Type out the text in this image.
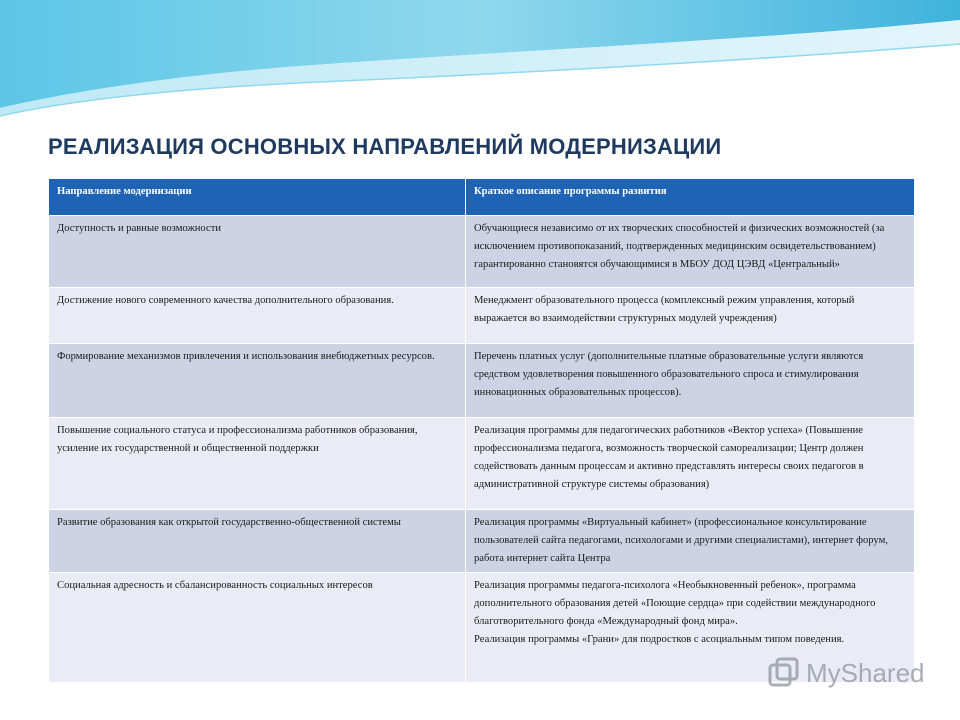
РЕАЛИЗАЦИЯ ОСНОВНЫХ НАПРАВЛЕНИЙ МОДЕРНИЗАЦИИ
Направление модернизации	Краткое описание программы развития
Доступность и равные возможности	Обучающиеся независимо от их творческих способностей и физических возможностей (за исключением противопоказаний, подтвержденных медицинским освидетельствованием) гарантированно становятся обучающимися в МБОУ ДОД ЦЭВД «Центральный»

Достижение нового современного качества дополнительного образования.	Менеджмент образовательного процесса (комплексный режим управления, который выражается во взаимодействии структурных модулей учреждения)

Формирование механизмов привлечения и использования внебюджетных ресурсов.	Перечень платных услуг (дополнительные платные образовательные услуги являются средством удовлетворения повышенного образовательного спроса и стимулирования инновационных образовательных процессов).

Повышение социального статуса и профессионализма работников образования, усиление их государственной и общественной поддержки	Реализация программы для педагогических работников «Вектор успеха» (Повышение профессионализма педагога, возможность творческой самореализации; Центр должен содействовать данным процессам и активно представлять интересы своих педагогов в административной структуре системы образования)

Развитие образования как открытой государственно-общественной системы	Реализация программы «Виртуальный кабинет» (профессиональное консультирование пользователей сайта педагогами, психологами и другими специалистами), интернет форум, работа интернет сайта Центра

Социальная адресность и сбалансированность социальных интересов	Реализация программы педагога-психолога «Необыкновенный ребенок», программа дополнительного образования детей «Поющие сердца» при содействии международного благотворительного фонда «Международный фонд мира».
Реализация программы «Грани» для подростков с асоциальным типом поведения.
MyShared
